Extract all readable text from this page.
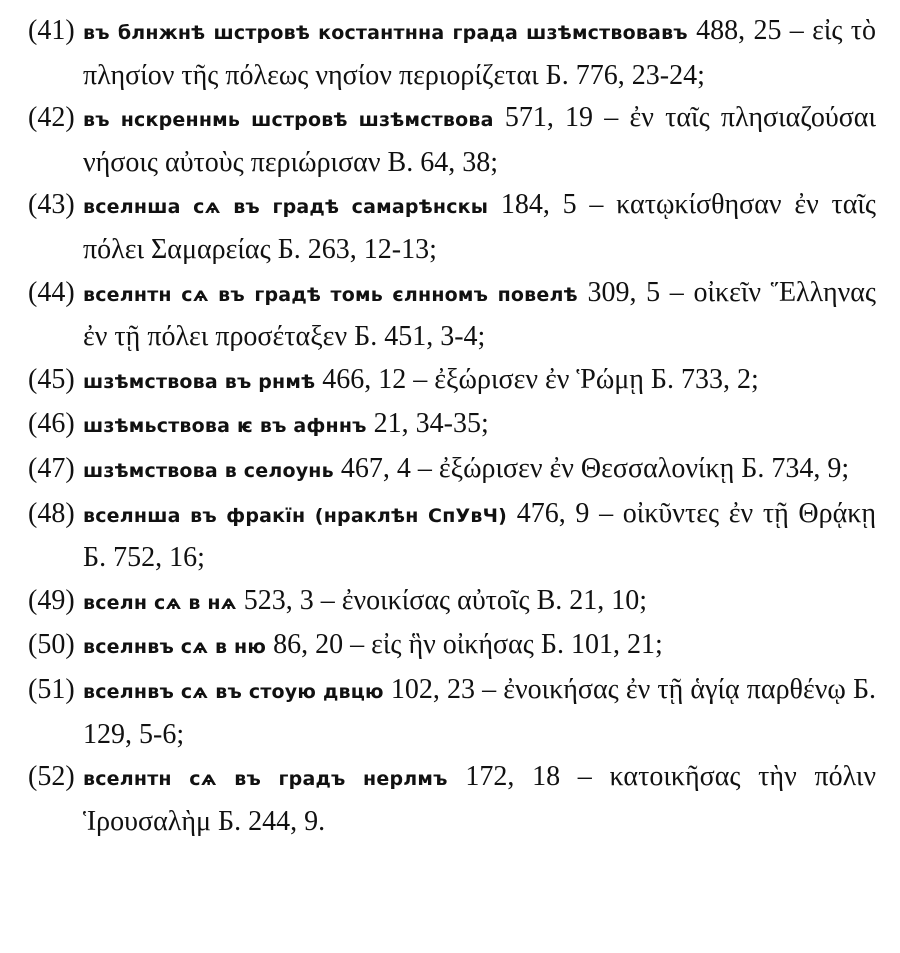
(41) въ блнжнѣ шстровѣ костантнна града шзѣмствовавъ 488, 25 – εἰς τὸ πλησίον τῆς πόλεως νησίον περιορίζεται Б. 776, 23-24;

(42) въ нскреннмь шстровѣ шзѣмствова 571, 19 – ἐν ταῖς πλησιαζούσαι νήσοις αὐτοὺς περιώρισαν В. 64, 38;

(43) вселнша сѧ въ градѣ самарѣнскы 184, 5 – κατῳκίσθησαν ἐν ταῖς πόλει Σαμαρείας Б. 263, 12-13;

(44) вселнтн сѧ въ градѣ томь єлнномъ повелѣ 309, 5 – οἰκεῖν Ἕλληνας ἐν τῇ πόλει προσέταξεν Б. 451, 3-4;

(45) шзѣмствова въ рнмѣ 466, 12 – ἐξώρισεν ἐν Ῥώμῃ Б. 733, 2;

(46) шзѣмьствова ѥ въ афннъ 21, 34-35;

(47) шзѣмствова в селоунь 467, 4 – ἐξώρισεν ἐν Θεσσαλονίκῃ Б. 734, 9;

(48) вселнша въ фракїн (нраклѣн СпУвЧ) 476, 9 – οἰκῦντες ἐν τῇ Θρᾴκῃ Б. 752, 16;

(49) вселн сѧ в нѧ 523, 3 – ἐνοικίσας αὐτοῖς В. 21, 10;

(50) вселнвъ сѧ в ню 86, 20 – εἰς ἣν οἰκήσας Б. 101, 21;

(51) вселнвъ сѧ въ стоую двцю 102, 23 – ἐνοικήσας ἐν τῇ ἁγίᾳ παρθένῳ Б. 129, 5-6;

(52) вселнтн сѧ въ градъ нерлмъ 172, 18 – κατοικῆσας τὴν πόλιν Ἱρουσαλὴμ Б. 244, 9.
